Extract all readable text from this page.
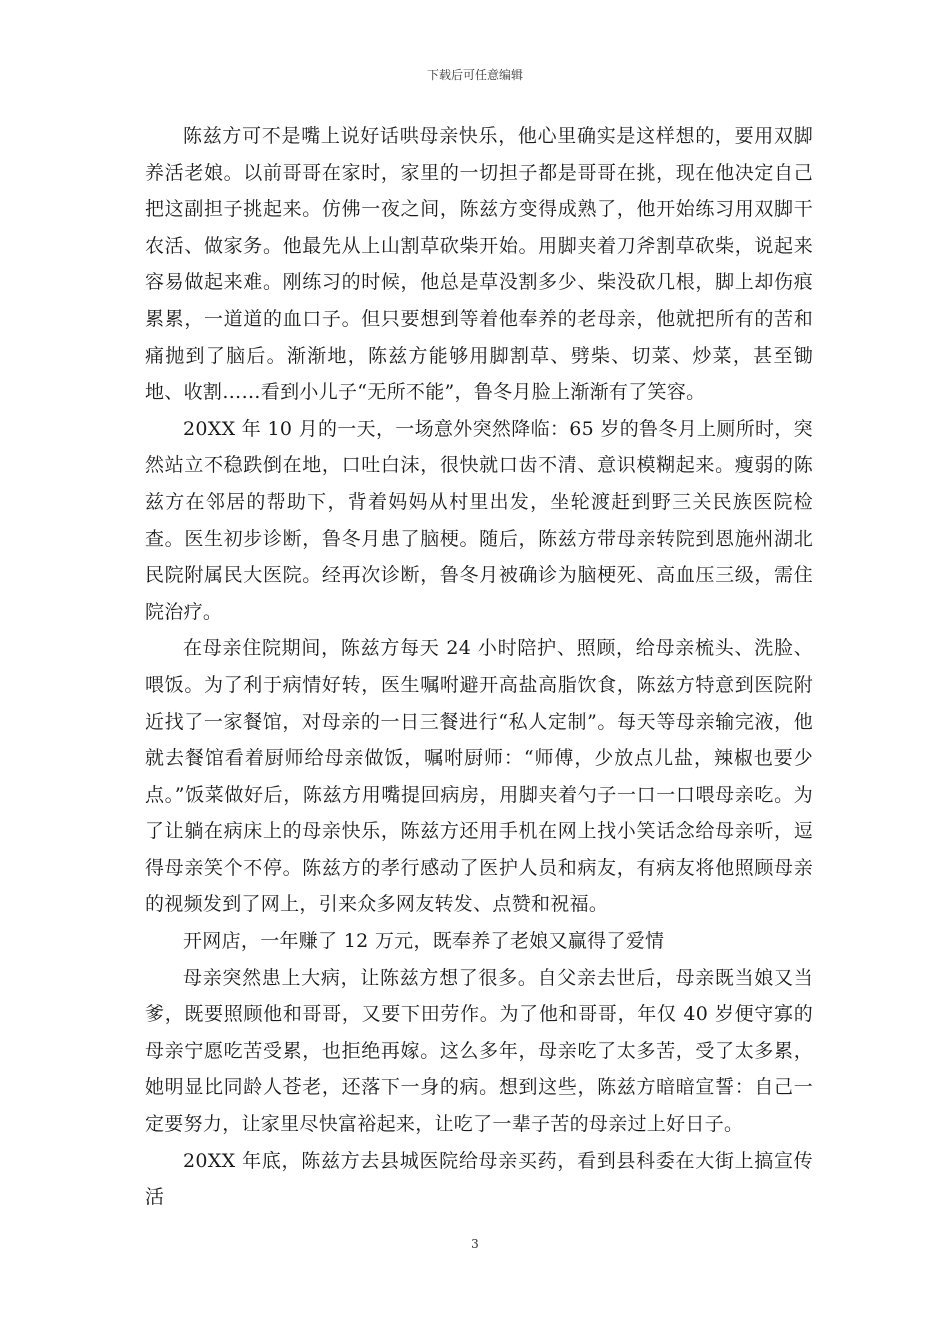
下载后可任意编辑

陈兹方可不是嘴上说好话哄母亲快乐，他心里确实是这样想的，要用双脚养活老娘。以前哥哥在家时，家里的一切担子都是哥哥在挑，现在他决定自己把这副担子挑起来。仿佛一夜之间，陈兹方变得成熟了，他开始练习用双脚干农活、做家务。他最先从上山割草砍柴开始。用脚夹着刀斧割草砍柴，说起来容易做起来难。刚练习的时候，他总是草没割多少、柴没砍几根，脚上却伤痕累累，一道道的血口子。但只要想到等着他奉养的老母亲，他就把所有的苦和痛抛到了脑后。渐渐地，陈兹方能够用脚割草、劈柴、切菜、炒菜，甚至锄地、收割……看到小儿子“无所不能”，鲁冬月脸上渐渐有了笑容。

20XX 年 10 月的一天，一场意外突然降临：65 岁的鲁冬月上厕所时，突然站立不稳跌倒在地，口吐白沫，很快就口齿不清、意识模糊起来。瘦弱的陈兹方在邻居的帮助下，背着妈妈从村里出发，坐轮渡赶到野三关民族医院检查。医生初步诊断，鲁冬月患了脑梗。随后，陈兹方带母亲转院到恩施州湖北民院附属民大医院。经再次诊断，鲁冬月被确诊为脑梗死、高血压三级，需住院治疗。

在母亲住院期间，陈兹方每天 24 小时陪护、照顾，给母亲梳头、洗脸、喂饭。为了利于病情好转，医生嘱咐避开高盐高脂饮食，陈兹方特意到医院附近找了一家餐馆，对母亲的一日三餐进行“私人定制”。每天等母亲输完液，他就去餐馆看着厨师给母亲做饭，嘱咐厨师：“师傅，少放点儿盐，辣椒也要少点。”饭菜做好后，陈兹方用嘴提回病房，用脚夹着勺子一口一口喂母亲吃。为了让躺在病床上的母亲快乐，陈兹方还用手机在网上找小笑话念给母亲听，逗得母亲笑个不停。陈兹方的孝行感动了医护人员和病友，有病友将他照顾母亲的视频发到了网上，引来众多网友转发、点赞和祝福。

开网店，一年赚了 12 万元，既奉养了老娘又赢得了爱情

母亲突然患上大病，让陈兹方想了很多。自父亲去世后，母亲既当娘又当爹，既要照顾他和哥哥，又要下田劳作。为了他和哥哥，年仅 40 岁便守寡的母亲宁愿吃苦受累，也拒绝再嫁。这么多年，母亲吃了太多苦，受了太多累，她明显比同龄人苍老，还落下一身的病。想到这些，陈兹方暗暗宣誓：自己一定要努力，让家里尽快富裕起来，让吃了一辈子苦的母亲过上好日子。

20XX 年底，陈兹方去县城医院给母亲买药，看到县科委在大街上搞宣传活

3
